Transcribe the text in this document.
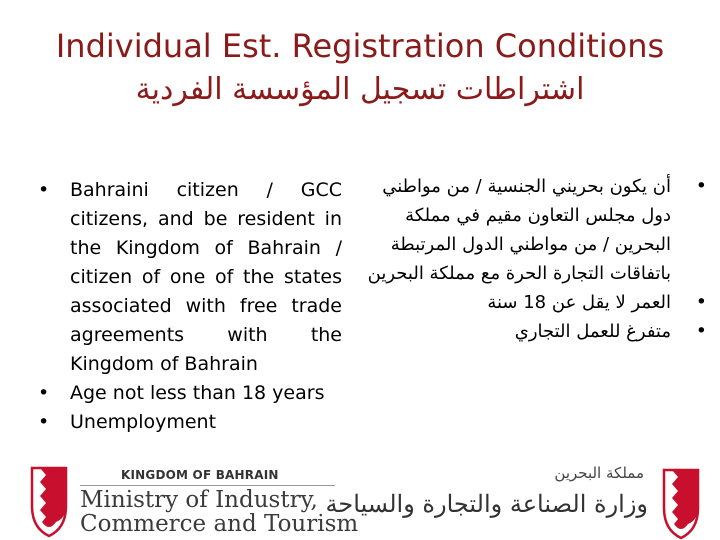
Individual Est. Registration Conditions
اشتراطات تسجيل المؤسسة الفردية
• Bahraini citizen / GCC citizens, and be resident in the Kingdom of Bahrain / citizen of one of the states associated with free trade agreements with the Kingdom of Bahrain
• Age not less than 18 years
• Unemployment
•
أن يكون بحريني الجنسية / من مواطني دول مجلس التعاون مقيم في مملكة البحرين / من مواطني الدول المرتبطة باتفاقات التجارة الحرة مع مملكة البحرين
•
العمر لا يقل عن 18 سنة
•
متفرغ للعمل التجاري
KINGDOM OF BAHRAIN
Ministry of Industry,
Commerce and Tourism
مملكة البحرين
وزارة الصناعة والتجارة والسياحة
